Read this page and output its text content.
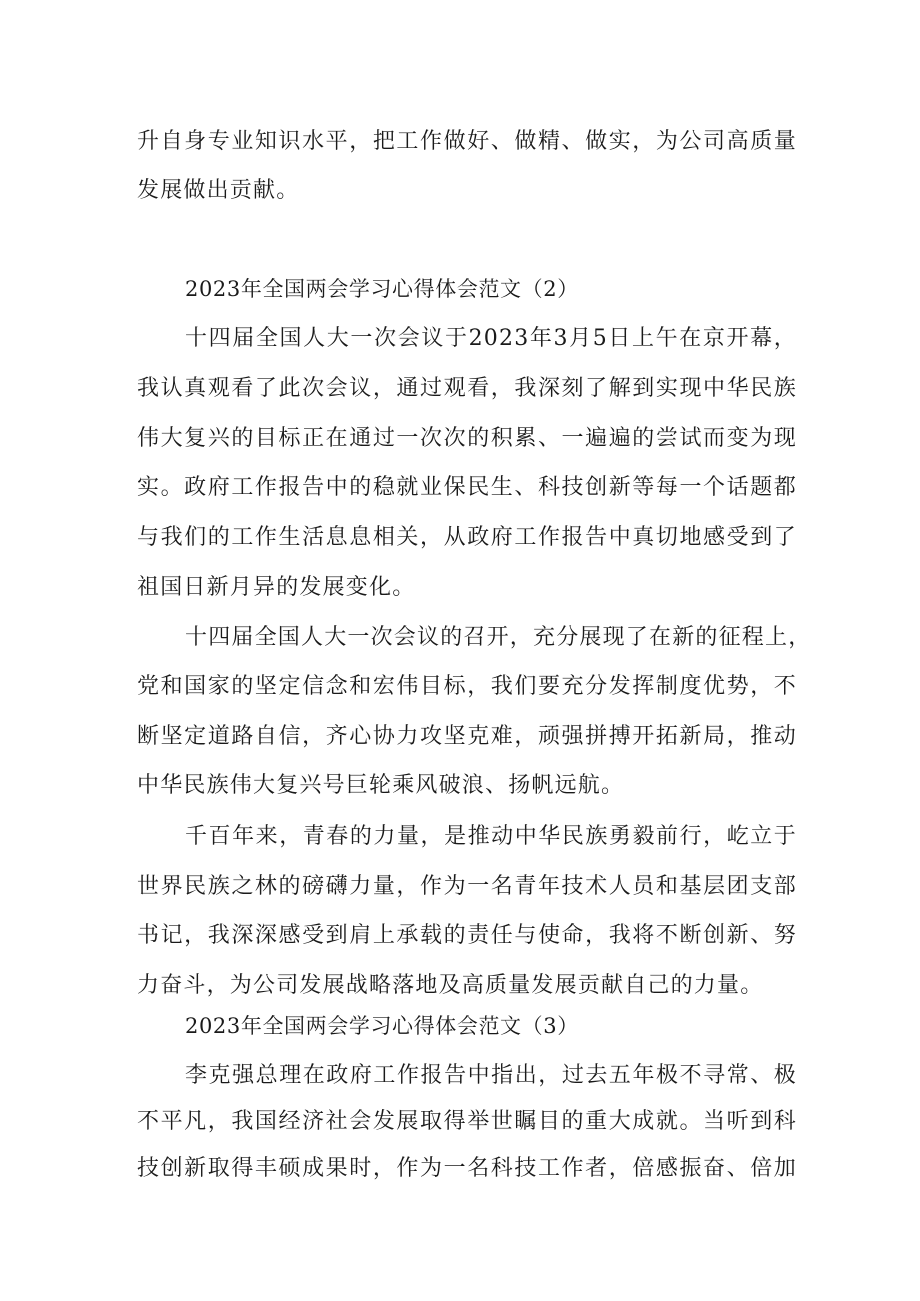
升自身专业知识水平，把工作做好、做精、做实，为公司高质量
发展做出贡献。
2023年全国两会学习心得体会范文（2）
十四届全国人大一次会议于2023年3月5日上午在京开幕，
我认真观看了此次会议，通过观看，我深刻了解到实现中华民族
伟大复兴的目标正在通过一次次的积累、一遍遍的尝试而变为现
实。政府工作报告中的稳就业保民生、科技创新等每一个话题都
与我们的工作生活息息相关，从政府工作报告中真切地感受到了
祖国日新月异的发展变化。
十四届全国人大一次会议的召开，充分展现了在新的征程上，
党和国家的坚定信念和宏伟目标，我们要充分发挥制度优势，不
断坚定道路自信，齐心协力攻坚克难，顽强拼搏开拓新局，推动
中华民族伟大复兴号巨轮乘风破浪、扬帆远航。
千百年来，青春的力量，是推动中华民族勇毅前行，屹立于
世界民族之林的磅礴力量，作为一名青年技术人员和基层团支部
书记，我深深感受到肩上承载的责任与使命，我将不断创新、努
力奋斗，为公司发展战略落地及高质量发展贡献自己的力量。
2023年全国两会学习心得体会范文（3）
李克强总理在政府工作报告中指出，过去五年极不寻常、极
不平凡，我国经济社会发展取得举世瞩目的重大成就。当听到科
技创新取得丰硕成果时，作为一名科技工作者，倍感振奋、倍加
